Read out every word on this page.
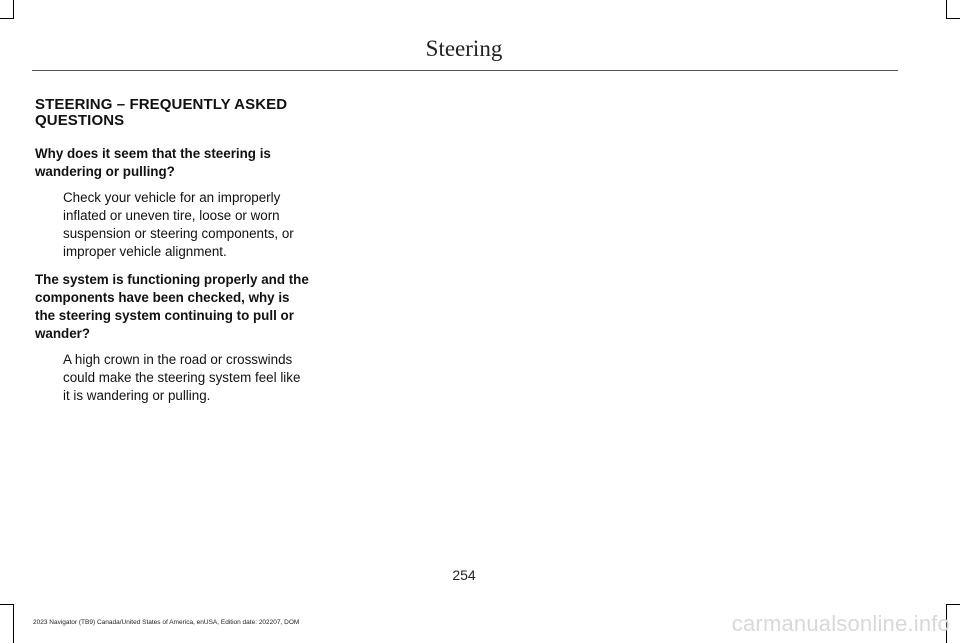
Steering
STEERING – FREQUENTLY ASKED QUESTIONS

Why does it seem that the steering is wandering or pulling?

Check your vehicle for an improperly inflated or uneven tire, loose or worn suspension or steering components, or improper vehicle alignment.

The system is functioning properly and the components have been checked, why is the steering system continuing to pull or wander?

A high crown in the road or crosswinds could make the steering system feel like it is wandering or pulling.

254
2023 Navigator (TB9) Canada/United States of America, enUSA, Edition date: 202207, DOM	carmanualsonline.info
